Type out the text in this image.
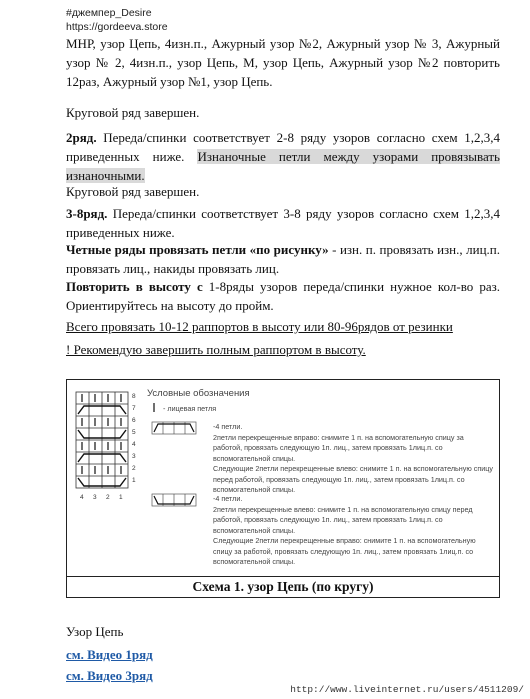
#джемпер_Desire
https://gordeeva.store
МНР, узор Цепь, 4изн.п., Ажурный узор №2, Ажурный узор № 3, Ажурный узор № 2, 4изн.п., узор Цепь, М, узор Цепь, Ажурный узор №2 повторить 12раз, Ажурный узор №1, узор Цепь.
Круговой ряд завершен.
2ряд. Переда/спинки соответствует 2-8 ряду узоров согласно схем 1,2,3,4 приведенных ниже. Изнаночные петли между узорами провязывать изнаночными.
Круговой ряд завершен.
3-8ряд. Переда/спинки соответствует 3-8 ряду узоров согласно схем 1,2,3,4 приведенных ниже.
Четные ряды провязать петли «по рисунку» - изн. п. провязать изн., лиц.п. провязать лиц., накиды провязать лиц.
Повторить в высоту с 1-8ряды узоров переда/спинки нужное кол-во раз. Ориентируйтесь на высоту до пройм.
Всего провязать 10-12 раппортов в высоту или 80-96рядов от резинки
! Рекомендую завершить полным раппортом в высоту.
8
7
6
5
4
3
2
1
4 3 2 1
Условные обозначения
- лицевая петля
-4 петли.
2петли перекрещенные вправо: снимите 1 п. на вспомогательную спицу за работой, провязать следующую 1п. лиц., затем провязать 1лиц.п. со вспомогательной спицы.
Следующие 2петли перекрещенные влево: снимите 1 п. на вспомогательную спицу перед работой, провязать следующую 1п. лиц., затем провязать 1лиц.п. со вспомогательной спицы.
-4 петли.
2петли перекрещенные влево: снимите 1 п. на вспомогательную спицу перед работой, провязать следующую 1п. лиц., затем провязать 1лиц.п. со вспомогательной спицы.
Следующие 2петли перекрещенные вправо: снимите 1 п. на вспомогательную спицу за работой, провязать следующую 1п. лиц., затем провязать 1лиц.п. со вспомогательной спицы.
Схема 1. узор Цепь (по кругу)
Узор Цепь
см. Видео 1ряд
см. Видео 3ряд
http://www.liveinternet.ru/users/4511209/
